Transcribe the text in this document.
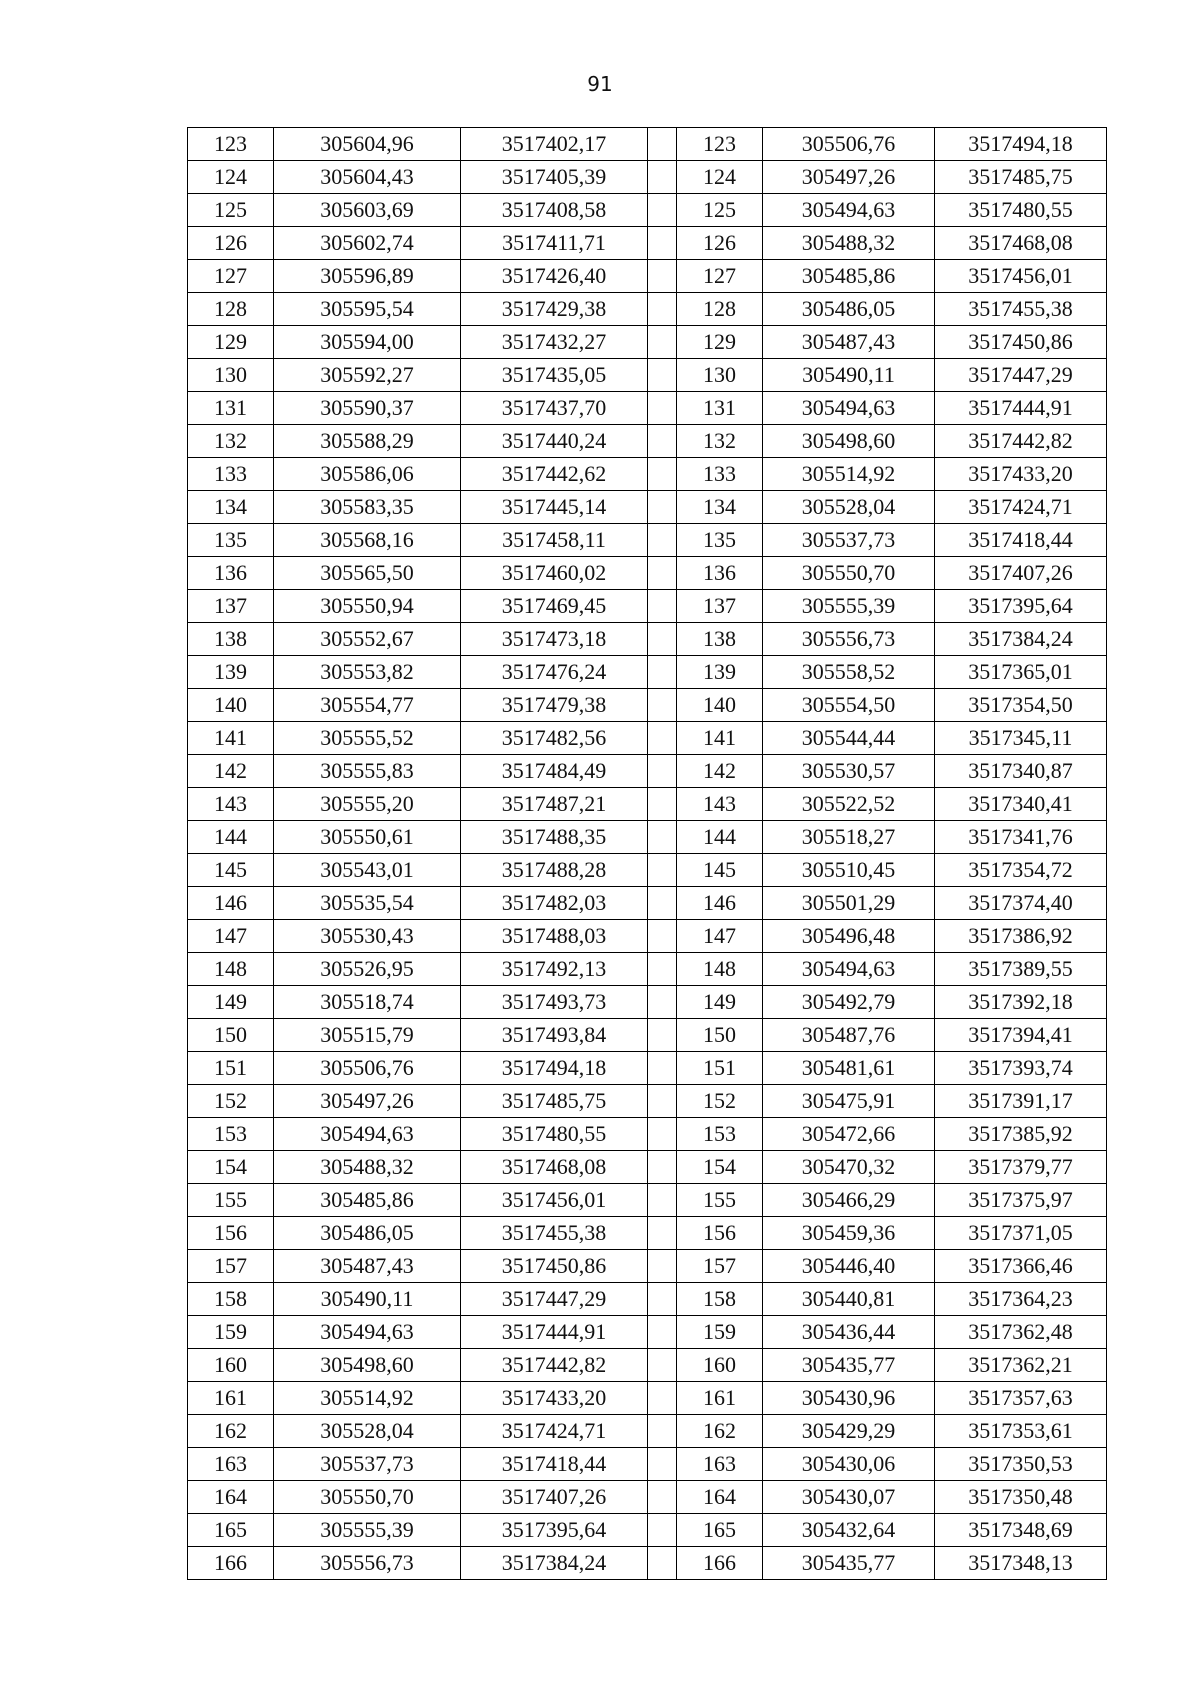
91
123	305604,96	3517402,17		123	305506,76	3517494,18
124	305604,43	3517405,39		124	305497,26	3517485,75
125	305603,69	3517408,58		125	305494,63	3517480,55
126	305602,74	3517411,71		126	305488,32	3517468,08
127	305596,89	3517426,40		127	305485,86	3517456,01
128	305595,54	3517429,38		128	305486,05	3517455,38
129	305594,00	3517432,27		129	305487,43	3517450,86
130	305592,27	3517435,05		130	305490,11	3517447,29
131	305590,37	3517437,70		131	305494,63	3517444,91
132	305588,29	3517440,24		132	305498,60	3517442,82
133	305586,06	3517442,62		133	305514,92	3517433,20
134	305583,35	3517445,14		134	305528,04	3517424,71
135	305568,16	3517458,11		135	305537,73	3517418,44
136	305565,50	3517460,02		136	305550,70	3517407,26
137	305550,94	3517469,45		137	305555,39	3517395,64
138	305552,67	3517473,18		138	305556,73	3517384,24
139	305553,82	3517476,24		139	305558,52	3517365,01
140	305554,77	3517479,38		140	305554,50	3517354,50
141	305555,52	3517482,56		141	305544,44	3517345,11
142	305555,83	3517484,49		142	305530,57	3517340,87
143	305555,20	3517487,21		143	305522,52	3517340,41
144	305550,61	3517488,35		144	305518,27	3517341,76
145	305543,01	3517488,28		145	305510,45	3517354,72
146	305535,54	3517482,03		146	305501,29	3517374,40
147	305530,43	3517488,03		147	305496,48	3517386,92
148	305526,95	3517492,13		148	305494,63	3517389,55
149	305518,74	3517493,73		149	305492,79	3517392,18
150	305515,79	3517493,84		150	305487,76	3517394,41
151	305506,76	3517494,18		151	305481,61	3517393,74
152	305497,26	3517485,75		152	305475,91	3517391,17
153	305494,63	3517480,55		153	305472,66	3517385,92
154	305488,32	3517468,08		154	305470,32	3517379,77
155	305485,86	3517456,01		155	305466,29	3517375,97
156	305486,05	3517455,38		156	305459,36	3517371,05
157	305487,43	3517450,86		157	305446,40	3517366,46
158	305490,11	3517447,29		158	305440,81	3517364,23
159	305494,63	3517444,91		159	305436,44	3517362,48
160	305498,60	3517442,82		160	305435,77	3517362,21
161	305514,92	3517433,20		161	305430,96	3517357,63
162	305528,04	3517424,71		162	305429,29	3517353,61
163	305537,73	3517418,44		163	305430,06	3517350,53
164	305550,70	3517407,26		164	305430,07	3517350,48
165	305555,39	3517395,64		165	305432,64	3517348,69
166	305556,73	3517384,24		166	305435,77	3517348,13
